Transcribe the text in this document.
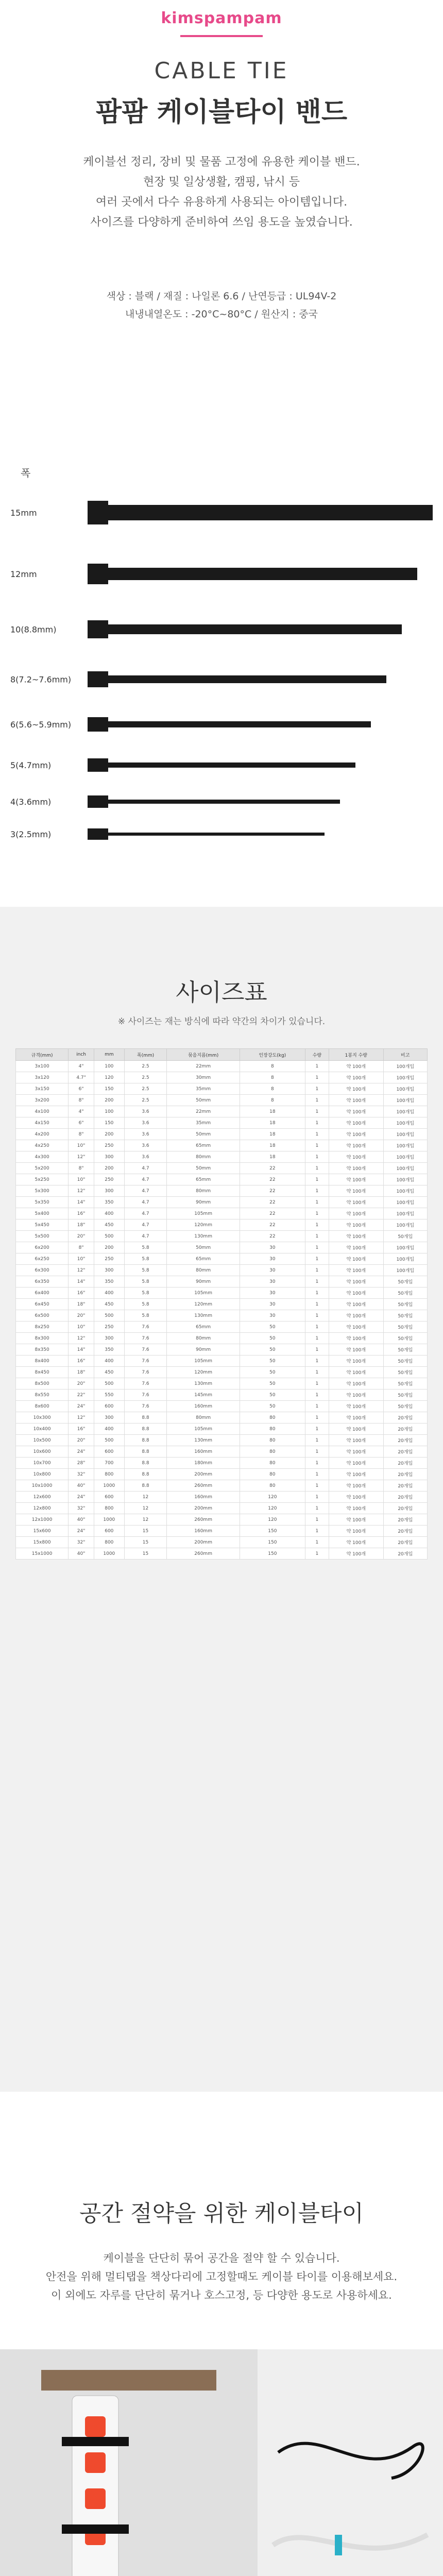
kimspampam
CABLE TIE
팜팜 케이블타이 밴드

케이블선 정리, 장비 및 물품 고정에 유용한 케이블 밴드.

현장 및 일상생활, 캠핑, 낚시 등

여러 곳에서 다수 유용하게 사용되는 아이템입니다.

사이즈를 다양하게 준비하여 쓰임 용도을 높였습니다.

색상 : 블랙 / 재질 : 나일론 6.6 / 난연등급 : UL94V-2

내냉내열온도 : -20°C~80°C / 원산지 : 중국

폭
15mm
12mm
10(8.8mm)
8(7.2~7.6mm)
6(5.6~5.9mm)
5(4.7mm)
4(3.6mm)
3(2.5mm)
사이즈표
※ 사이즈는 재는 방식에 따라 약간의 차이가 있습니다.
규격(mm)	inch	mm	폭(mm)	묶음지름(mm)	인장강도(kg)	수량	1봉지 수량	비고
3x100	4"	100	2.5	22mm	8	1	약 100개	100개입
3x120	4.7"	120	2.5	30mm	8	1	약 100개	100개입
3x150	6"	150	2.5	35mm	8	1	약 100개	100개입
3x200	8"	200	2.5	50mm	8	1	약 100개	100개입
4x100	4"	100	3.6	22mm	18	1	약 100개	100개입
4x150	6"	150	3.6	35mm	18	1	약 100개	100개입
4x200	8"	200	3.6	50mm	18	1	약 100개	100개입
4x250	10"	250	3.6	65mm	18	1	약 100개	100개입
4x300	12"	300	3.6	80mm	18	1	약 100개	100개입
5x200	8"	200	4.7	50mm	22	1	약 100개	100개입
5x250	10"	250	4.7	65mm	22	1	약 100개	100개입
5x300	12"	300	4.7	80mm	22	1	약 100개	100개입
5x350	14"	350	4.7	90mm	22	1	약 100개	100개입
5x400	16"	400	4.7	105mm	22	1	약 100개	100개입
5x450	18"	450	4.7	120mm	22	1	약 100개	100개입
5x500	20"	500	4.7	130mm	22	1	약 100개	50개입
6x200	8"	200	5.8	50mm	30	1	약 100개	100개입
6x250	10"	250	5.8	65mm	30	1	약 100개	100개입
6x300	12"	300	5.8	80mm	30	1	약 100개	100개입
6x350	14"	350	5.8	90mm	30	1	약 100개	50개입
6x400	16"	400	5.8	105mm	30	1	약 100개	50개입
6x450	18"	450	5.8	120mm	30	1	약 100개	50개입
6x500	20"	500	5.8	130mm	30	1	약 100개	50개입
8x250	10"	250	7.6	65mm	50	1	약 100개	50개입
8x300	12"	300	7.6	80mm	50	1	약 100개	50개입
8x350	14"	350	7.6	90mm	50	1	약 100개	50개입
8x400	16"	400	7.6	105mm	50	1	약 100개	50개입
8x450	18"	450	7.6	120mm	50	1	약 100개	50개입
8x500	20"	500	7.6	130mm	50	1	약 100개	50개입
8x550	22"	550	7.6	145mm	50	1	약 100개	50개입
8x600	24"	600	7.6	160mm	50	1	약 100개	50개입
10x300	12"	300	8.8	80mm	80	1	약 100개	20개입
10x400	16"	400	8.8	105mm	80	1	약 100개	20개입
10x500	20"	500	8.8	130mm	80	1	약 100개	20개입
10x600	24"	600	8.8	160mm	80	1	약 100개	20개입
10x700	28"	700	8.8	180mm	80	1	약 100개	20개입
10x800	32"	800	8.8	200mm	80	1	약 100개	20개입
10x1000	40"	1000	8.8	260mm	80	1	약 100개	20개입
12x600	24"	600	12	160mm	120	1	약 100개	20개입
12x800	32"	800	12	200mm	120	1	약 100개	20개입
12x1000	40"	1000	12	260mm	120	1	약 100개	20개입
15x600	24"	600	15	160mm	150	1	약 100개	20개입
15x800	32"	800	15	200mm	150	1	약 100개	20개입
15x1000	40"	1000	15	260mm	150	1	약 100개	20개입
공간 절약을 위한 케이블타이

케이블을 단단히 묶어 공간을 절약 할 수 있습니다.

안전을 위해 멀티탭을 책상다리에 고정할때도 케이블 타이를 이용해보세요.

이 외에도 자루를 단단히 묶거나 호스고정, 등 다양한 용도로 사용하세요.
